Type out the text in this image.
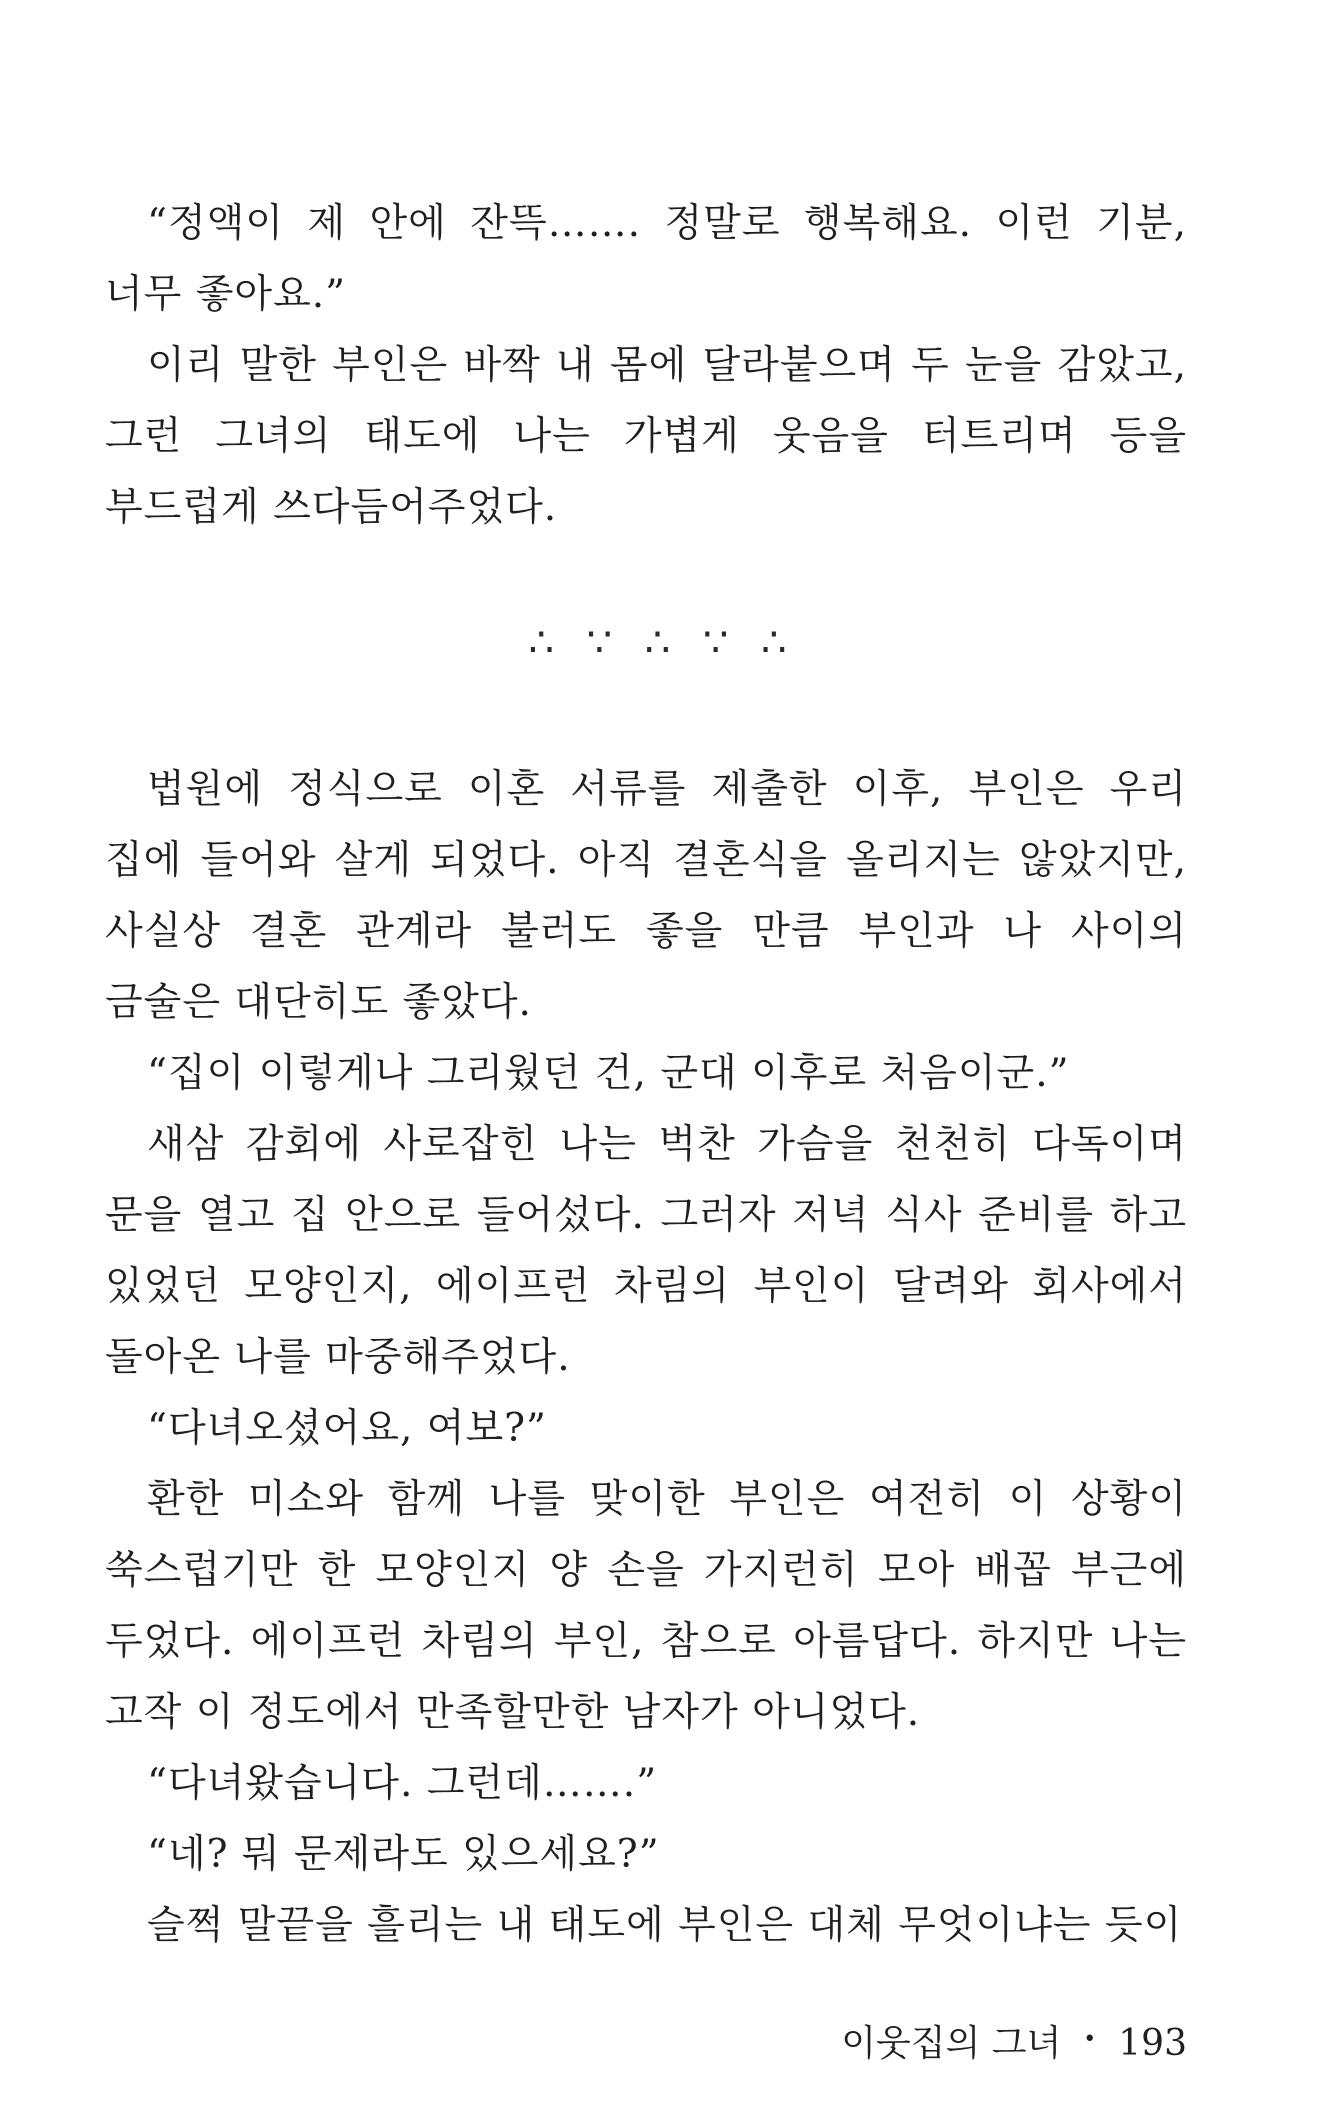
“정액이 제 안에 잔뜩……. 정말로 행복해요. 이런 기분, 너무 좋아요.”

이리 말한 부인은 바짝 내 몸에 달라붙으며 두 눈을 감았고, 그런 그녀의 태도에 나는 가볍게 웃음을 터트리며 등을 부드럽게 쓰다듬어주었다.

∴ ∵ ∴ ∵ ∴

법원에 정식으로 이혼 서류를 제출한 이후, 부인은 우리 집에 들어와 살게 되었다. 아직 결혼식을 올리지는 않았지만, 사실상 결혼 관계라 불러도 좋을 만큼 부인과 나 사이의 금술은 대단히도 좋았다.

“집이 이렇게나 그리웠던 건, 군대 이후로 처음이군.”

새삼 감회에 사로잡힌 나는 벅찬 가슴을 천천히 다독이며 문을 열고 집 안으로 들어섰다. 그러자 저녁 식사 준비를 하고 있었던 모양인지, 에이프런 차림의 부인이 달려와 회사에서 돌아온 나를 마중해주었다.

“다녀오셨어요, 여보?”

환한 미소와 함께 나를 맞이한 부인은 여전히 이 상황이 쑥스럽기만 한 모양인지 양 손을 가지런히 모아 배꼽 부근에 두었다. 에이프런 차림의 부인, 참으로 아름답다. 하지만 나는 고작 이 정도에서 만족할만한 남자가 아니었다.

“다녀왔습니다. 그런데…….”

“네? 뭐 문제라도 있으세요?”

슬쩍 말끝을 흘리는 내 태도에 부인은 대체 무엇이냐는 듯이

이웃집의 그녀 • 193
